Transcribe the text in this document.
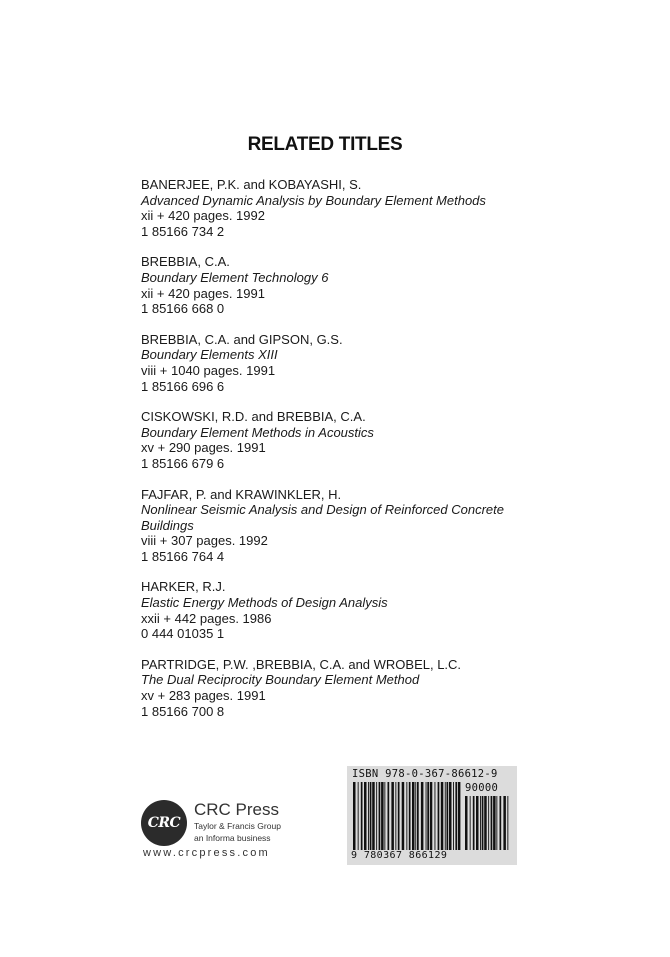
RELATED TITLES
BANERJEE, P.K. and KOBAYASHI, S.
Advanced Dynamic Analysis by Boundary Element Methods
xii + 420 pages. 1992
1 85166 734 2
BREBBIA, C.A.
Boundary Element Technology 6
xii + 420 pages. 1991
1 85166 668 0
BREBBIA, C.A. and GIPSON, G.S.
Boundary Elements XIII
viii + 1040 pages. 1991
1 85166 696 6
CISKOWSKI, R.D. and BREBBIA, C.A.
Boundary Element Methods in Acoustics
xv + 290 pages. 1991
1 85166 679 6
FAJFAR, P. and KRAWINKLER, H.
Nonlinear Seismic Analysis and Design of Reinforced Concrete Buildings
viii + 307 pages. 1992
1 85166 764 4
HARKER, R.J.
Elastic Energy Methods of Design Analysis
xxii + 442 pages. 1986
0 444 01035 1
PARTRIDGE, P.W. ,BREBBIA, C.A. and WROBEL, L.C.
The Dual Reciprocity Boundary Element Method
xv + 283 pages. 1991
1 85166 700 8
CRC
CRC Press
Taylor & Francis Group
an Informa business
www.crcpress.com
ISBN 978-0-367-86612-9
90000
9 780367 866129
